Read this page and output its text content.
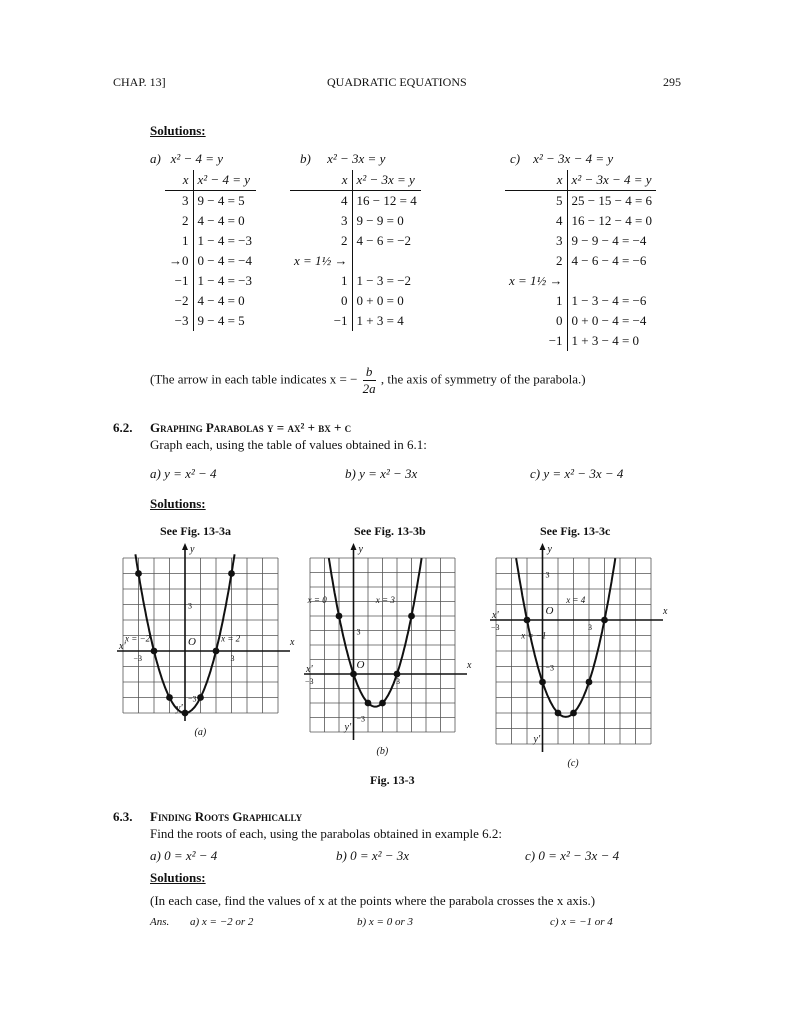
CHAP. 13]	QUADRATIC EQUATIONS	295
Solutions:
a) x² − 4 = y
x	x² − 4 = y
3	9 − 4 = 5
2	4 − 4 = 0
1	1 − 4 = −3
→0	0 − 4 = −4
−1	1 − 4 = −3
−2	4 − 4 = 0
−3	9 − 4 = 5
b) x² − 3x = y
x	x² − 3x = y
4	16 − 12 = 4
3	9 − 9 = 0
2	4 − 6 = −2
x = 1½ →	
1	1 − 3 = −2
0	0 + 0 = 0
−1	1 + 3 = 4
c) x² − 3x − 4 = y
x	x² − 3x − 4 = y
5	25 − 15 − 4 = 6
4	16 − 12 − 4 = 0
3	9 − 9 − 4 = −4
2	4 − 6 − 4 = −6
x = 1½ →	
1	1 − 3 − 4 = −6
0	0 + 0 − 4 = −4
−1	1 + 3 − 4 = 0
(The arrow in each table indicates x = − $\frac{b}{2a}$ , the axis of symmetry of the parabola.)
6.2. Graphing Parabolas y = ax² + bx + c
Graph each, using the table of values obtained in 6.1:
a) y = x² − 4	b) y = x² − 3x	c) y = x² − 3x − 4
Solutions:
See Fig. 13-3a	See Fig. 13-3b	See Fig. 13-3c
y
x
x'
y'
O
3
−3
−3	3
x = −2	x = 2
(a)
y
x
x'
y'
O
3
−3
−3	3
x = 0	x = 3
(b)
y
x
x'
y'
O
3
−3
−3	3
x = −1
x = 4
(c)
Fig. 13-3
6.3. Finding Roots Graphically
Find the roots of each, using the parabolas obtained in example 6.2:
a) 0 = x² − 4	b) 0 = x² − 3x	c) 0 = x² − 3x − 4
Solutions:
(In each case, find the values of x at the points where the parabola crosses the x axis.)
Ans. a) x = −2 or 2	b) x = 0 or 3	c) x = −1 or 4
